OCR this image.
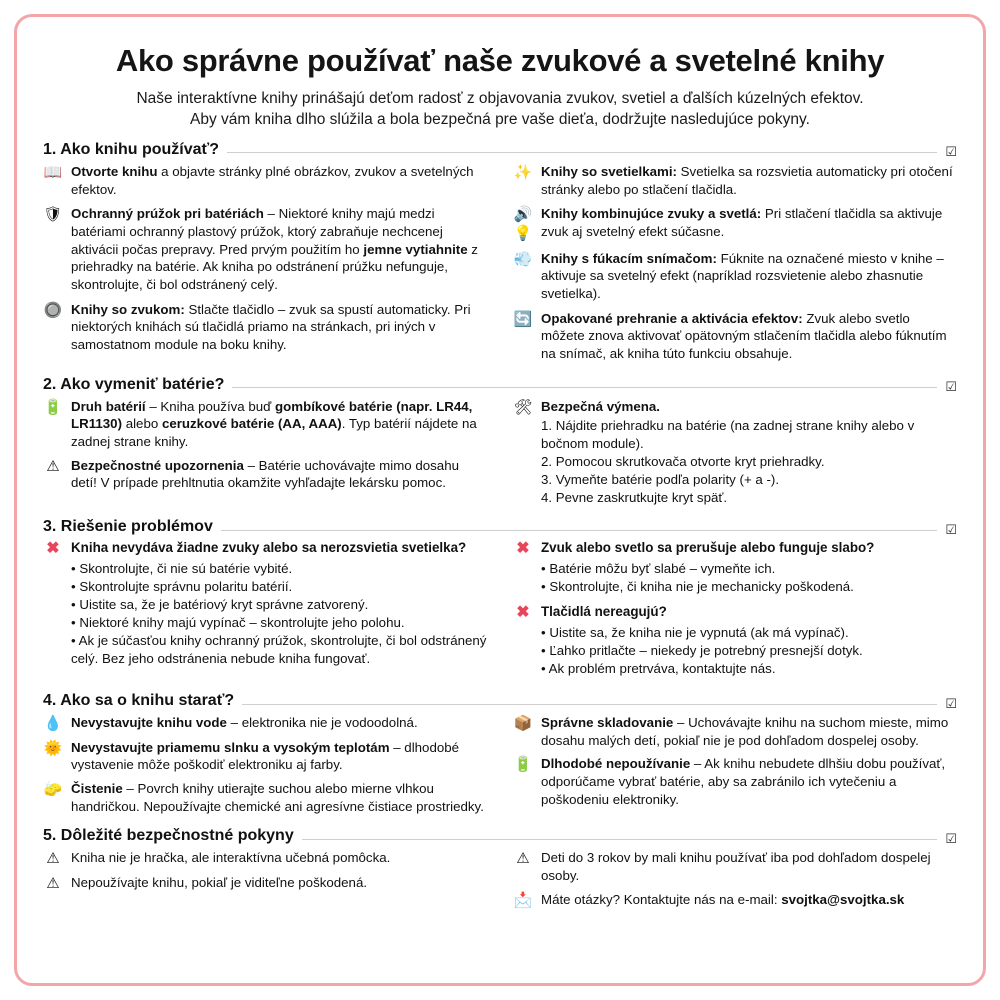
Ako správne používať naše zvukové a svetelné knihy
Naše interaktívne knihy prinášajú deťom radosť z objavovania zvukov, svetiel a ďalších kúzelných efektov.
Aby vám kniha dlho slúžila a bola bezpečná pre vaše dieťa, dodržujte nasledujúce pokyny.
1. Ako knihu používať?	☑
📖 Otvorte knihu a objavte stránky plné obrázkov, zvukov a svetelných efektov.
🛡 Ochranný prúžok pri batériách – Niektoré knihy majú medzi batériami ochranný plastový prúžok, ktorý zabraňuje nechcenej aktivácii počas prepravy. Pred prvým použitím ho jemne vytiahnite z priehradky na batérie. Ak kniha po odstránení prúžku nefunguje, skontrolujte, či bol odstránený celý.
🔘 Knihy so zvukom: Stlačte tlačidlo – zvuk sa spustí automaticky. Pri niektorých knihách sú tlačidlá priamo na stránkach, pri iných v samostatnom module na boku knihy.
✨ Knihy so svetielkami: Svetielka sa rozsvietia automaticky pri otočení stránky alebo po stlačení tlačidla.
🔊💡
Knihy kombinujúce zvuky a svetlá: Pri stlačení tlačidla sa aktivuje zvuk aj svetelný efekt súčasne.
💨 Knihy s fúkacím snímačom: Fúknite na označené miesto v knihe – aktivuje sa svetelný efekt (napríklad rozsvietenie alebo zhasnutie svetielka).
🔄 Opakované prehranie a aktivácia efektov: Zvuk alebo svetlo môžete znova aktivovať opätovným stlačením tlačidla alebo fúknutím na snímač, ak kniha túto funkciu obsahuje.
2. Ako vymeniť batérie?	☑
🔋 Druh batérií – Kniha používa buď gombíkové batérie (napr. LR44, LR1130) alebo ceruzkové batérie (AA, AAA). Typ batérií nájdete na zadnej strane knihy.
⚠ Bezpečnostné upozornenia – Batérie uchovávajte mimo dosahu detí! V prípade prehltnutia okamžite vyhľadajte lekársku pomoc.
🛠 Bezpečná výmena.
1. Nájdite priehradku na batérie (na zadnej strane knihy alebo v bočnom module).
2. Pomocou skrutkovača otvorte kryt priehradky.
3. Vymeňte batérie podľa polarity (+ a -).
4. Pevne zaskrutkujte kryt späť.
3. Riešenie problémov	☑
✖ Kniha nevydáva žiadne zvuky alebo sa nerozsvietia svetielka?
• Skontrolujte, či nie sú batérie vybité.
• Skontrolujte správnu polaritu batérií.
• Uistite sa, že je batériový kryt správne zatvorený.
• Niektoré knihy majú vypínač – skontrolujte jeho polohu.
• Ak je súčasťou knihy ochranný prúžok, skontrolujte, či bol odstránený celý. Bez jeho odstránenia nebude kniha fungovať.
✖ Zvuk alebo svetlo sa prerušuje alebo funguje slabo?
• Batérie môžu byť slabé – vymeňte ich.
• Skontrolujte, či kniha nie je mechanicky poškodená.
✖ Tlačidlá nereagujú?
• Uistite sa, že kniha nie je vypnutá (ak má vypínač).
• Ľahko pritlačte – niekedy je potrebný presnejší dotyk.
• Ak problém pretrváva, kontaktujte nás.
4. Ako sa o knihu starať?	☑
💧 Nevystavujte knihu vode – elektronika nie je vodoodolná.
🌞 Nevystavujte priamemu slnku a vysokým teplotám – dlhodobé vystavenie môže poškodiť elektroniku aj farby.
🧽 Čistenie – Povrch knihy utierajte suchou alebo mierne vlhkou handričkou. Nepoužívajte chemické ani agresívne čistiace prostriedky.
📦 Správne skladovanie – Uchovávajte knihu na suchom mieste, mimo dosahu malých detí, pokiaľ nie je pod dohľadom dospelej osoby.
🔋 Dlhodobé nepoužívanie – Ak knihu nebudete dlhšiu dobu používať, odporúčame vybrať batérie, aby sa zabránilo ich vytečeniu a poškodeniu elektroniky.
5. Dôležité bezpečnostné pokyny	☑
⚠ Kniha nie je hračka, ale interaktívna učebná pomôcka.
⚠ Nepoužívajte knihu, pokiaľ je viditeľne poškodená.
⚠ Deti do 3 rokov by mali knihu používať iba pod dohľadom dospelej osoby.
📩 Máte otázky? Kontaktujte nás na e-mail: svojtka@svojtka.sk
